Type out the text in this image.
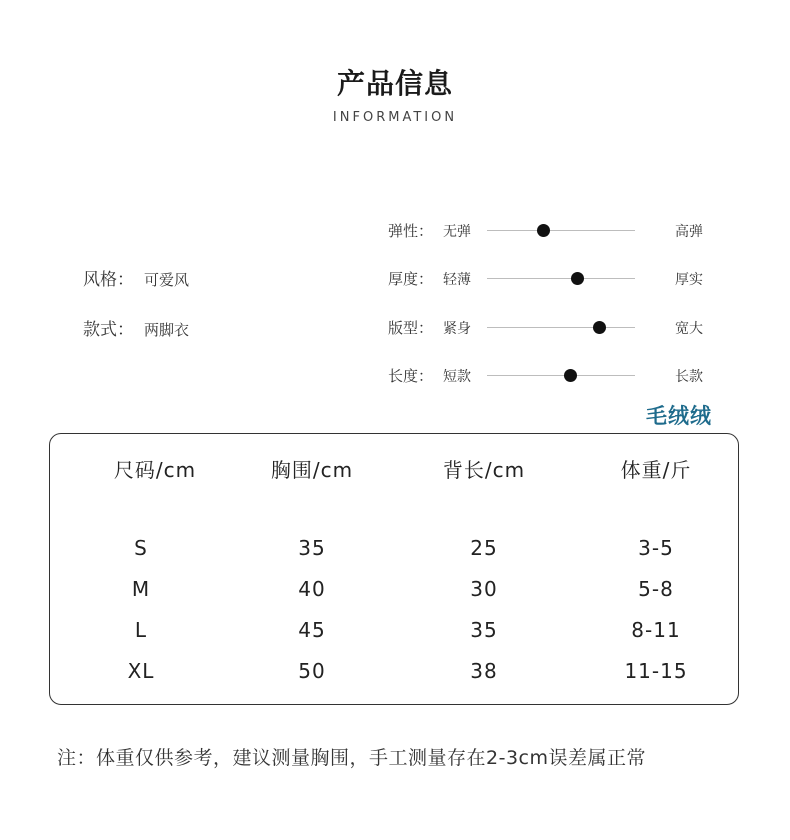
产品信息
INFORMATION
风格： 可爱风
款式： 两脚衣
弹性： 无弹	高弹
厚度： 轻薄	厚实
版型： 紧身	宽大
长度： 短款	长款
毛绒绒
尺码/cm	胸围/cm	背长/cm	体重/斤
S	35	25	3-5
M	40	30	5-8
L	45	35	8-11
XL	50	38	11-15
注：体重仅供参考，建议测量胸围，手工测量存在2-3cm误差属正常
